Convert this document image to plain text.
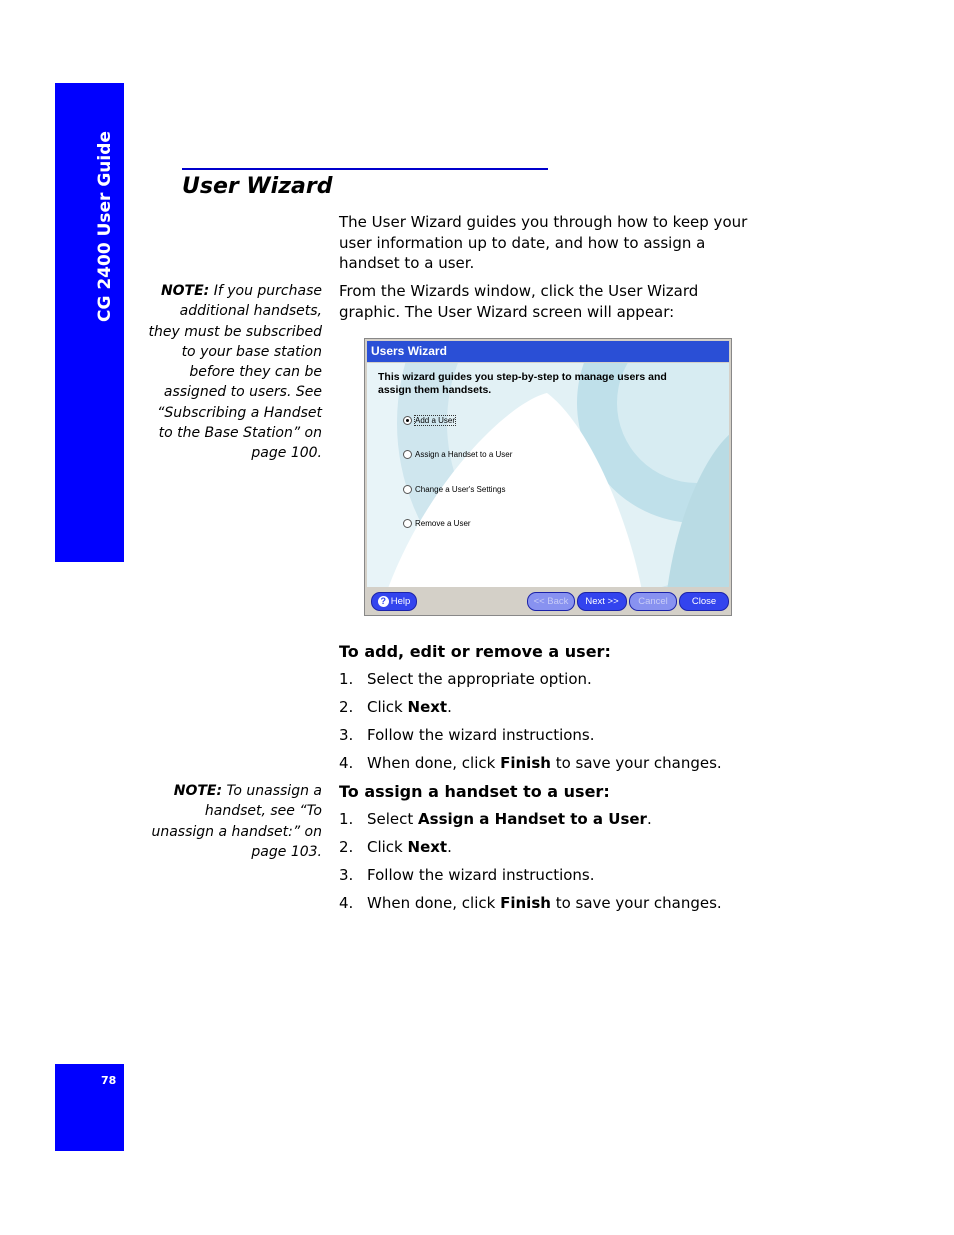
CG 2400 User Guide
78
User Wizard

The User Wizard guides you through how to keep your user information up to date, and how to assign a handset to a user.

From the Wizards window, click the User Wizard graphic. The User Wizard screen will appear:

NOTE: If you purchase additional handsets, they must be subscribed to your base station before they can be assigned to users. See “Subscribing a Handset to the Base Station” on page 100.

Users Wizard
This wizard guides you step-by-step to manage users and assign them handsets.
Add a User
Assign a Handset to a User
Change a User's Settings
Remove a User
? Help	<< Back	Next >>	Cancel	Close
To add, edit or remove a user:
1. Select the appropriate option.
2. Click Next.
3. Follow the wizard instructions.
4. When done, click Finish to save your changes.

NOTE: To unassign a handset, see “To unassign a handset:” on page 103.

To assign a handset to a user:
1. Select Assign a Handset to a User.
2. Click Next.
3. Follow the wizard instructions.
4. When done, click Finish to save your changes.
